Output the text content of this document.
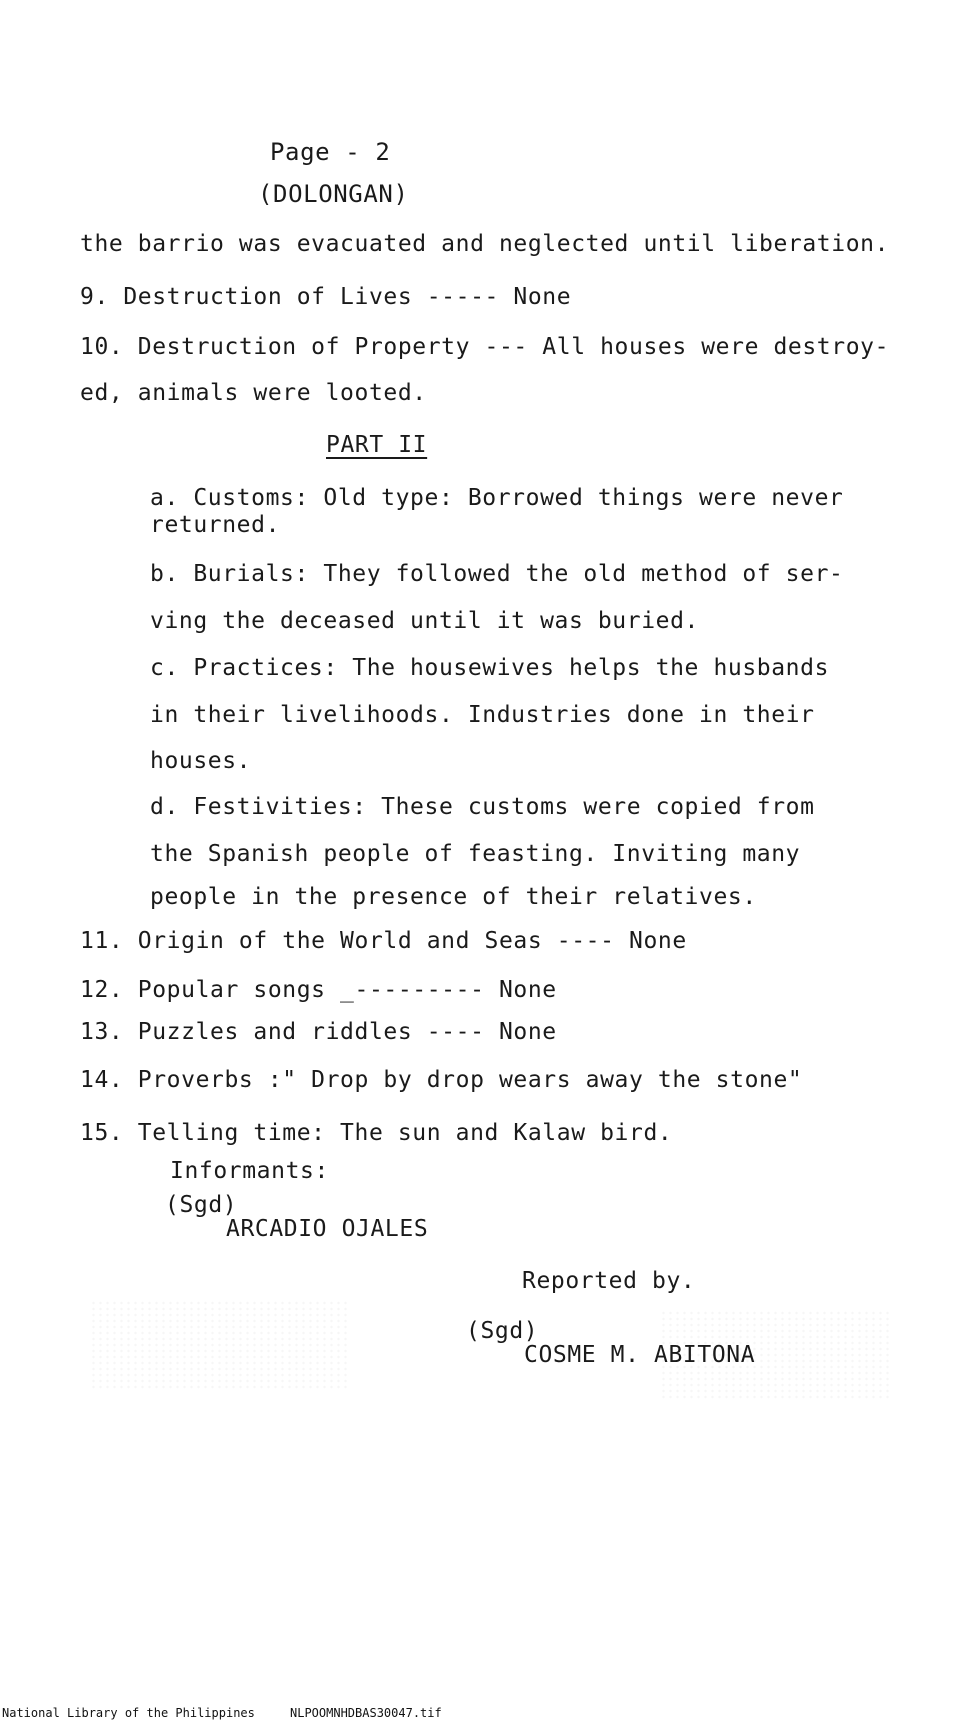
Page - 2
(DOLONGAN)
the barrio was evacuated and neglected until liberation.
9. Destruction of Lives ----- None
10. Destruction of Property --- All houses were destroy-
ed, animals were looted.
PART II
a. Customs: Old type: Borrowed things were never
returned.
b. Burials: They followed the old method of ser-
ving the deceased until it was buried.
c. Practices: The housewives helps the husbands
in their livelihoods. Industries done in their
houses.
d. Festivities: These customs were copied from
the Spanish people of feasting. Inviting many
people in the presence of their relatives.
11. Origin of the World and Seas ---- None
12. Popular songs _--------- None
13. Puzzles and riddles ---- None
14. Proverbs :" Drop by drop wears away the stone"
15. Telling time: The sun and Kalaw bird.
Informants:
(Sgd)
ARCADIO OJALES
Reported by.
(Sgd)
COSME M. ABITONA
National Library of the Philippines	NLPOOMNHDBAS30047.tif
